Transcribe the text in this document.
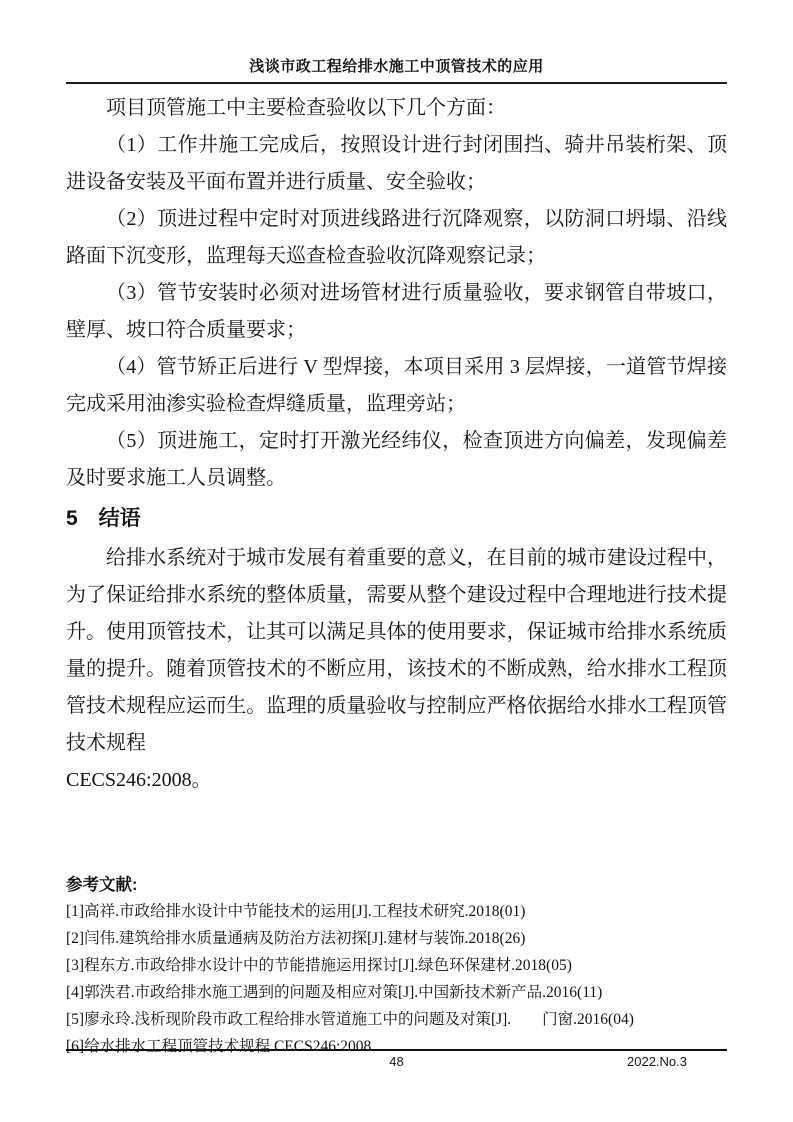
浅谈市政工程给排水施工中顶管技术的应用

项目顶管施工中主要检查验收以下几个方面：

（1）工作井施工完成后，按照设计进行封闭围挡、骑井吊装桁架、顶进设备安装及平面布置并进行质量、安全验收；

（2）顶进过程中定时对顶进线路进行沉降观察，以防洞口坍塌、沿线路面下沉变形，监理每天巡查检查验收沉降观察记录；

（3）管节安装时必须对进场管材进行质量验收，要求钢管自带坡口，壁厚、坡口符合质量要求；

（4）管节矫正后进行 V 型焊接，本项目采用 3 层焊接，一道管节焊接完成采用油渗实验检查焊缝质量，监理旁站；

（5）顶进施工，定时打开激光经纬仪，检查顶进方向偏差，发现偏差及时要求施工人员调整。

5　结语

给排水系统对于城市发展有着重要的意义，在目前的城市建设过程中，为了保证给排水系统的整体质量，需要从整个建设过程中合理地进行技术提升。使用顶管技术，让其可以满足具体的使用要求，保证城市给排水系统质量的提升。随着顶管技术的不断应用，该技术的不断成熟，给水排水工程顶管技术规程应运而生。监理的质量验收与控制应严格依据给水排水工程顶管技术规程

CECS246:2008。

参考文献:

[1]高祥.市政给排水设计中节能技术的运用[J].工程技术研究.2018(01)

[2]闫伟.建筑给排水质量通病及防治方法初探[J].建材与装饰.2018(26)

[3]程东方.市政给排水设计中的节能措施运用探讨[J].绿色环保建材.2018(05)

[4]郭泆君.市政给排水施工遇到的问题及相应对策[J].中国新技术新产品.2016(11)

[5]廖永玲.浅析现阶段市政工程给排水管道施工中的问题及对策[J].　　门窗.2016(04)

[6]给水排水工程顶管技术规程 CECS246:2008

48	2022.No.3
